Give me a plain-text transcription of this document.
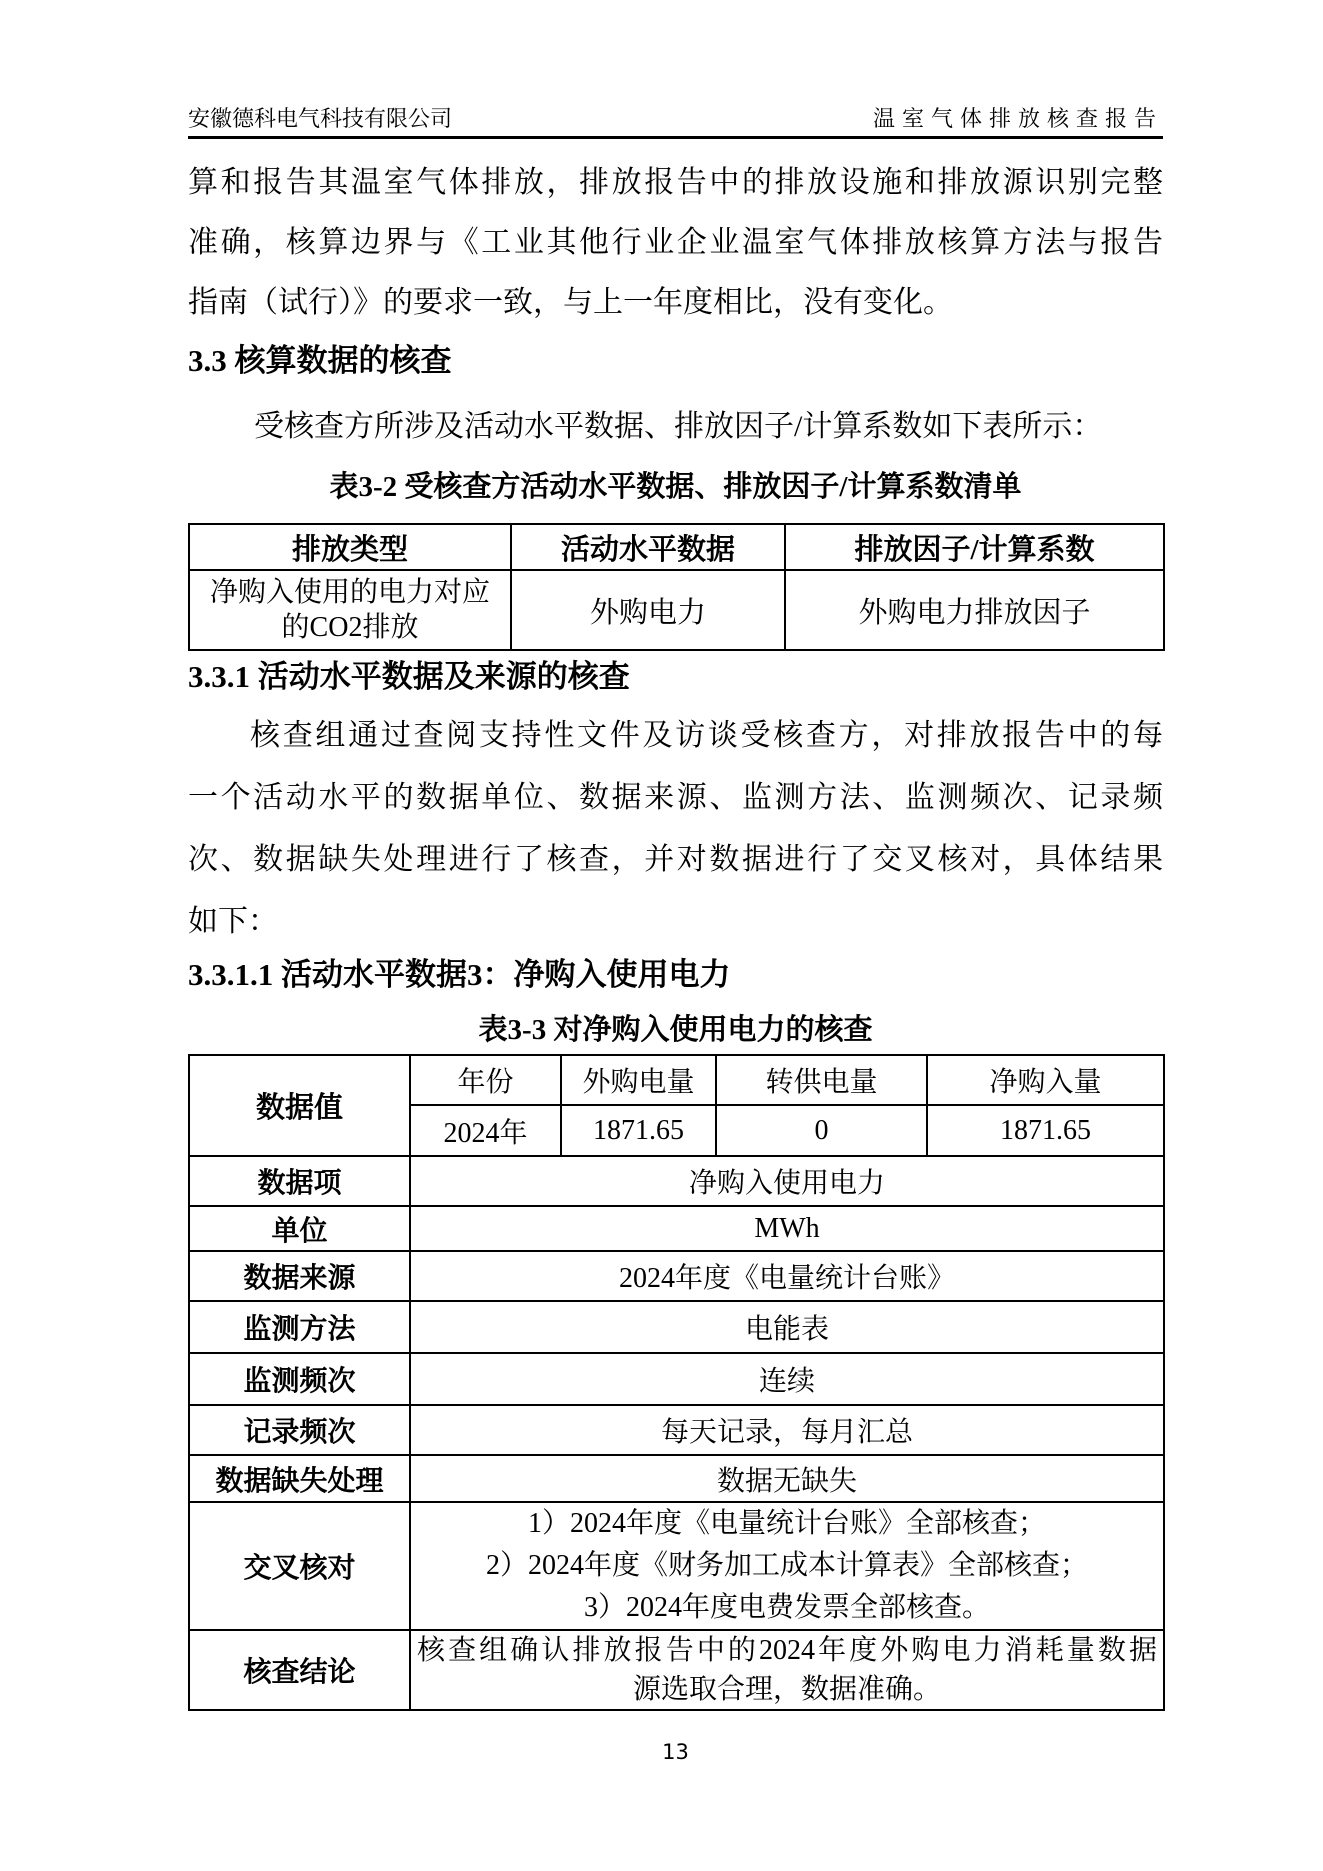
安徽德科电气科技有限公司	温室气体排放核查报告
算和报告其温室气体排放，排放报告中的排放设施和排放源识别完整
准确，核算边界与《工业其他行业企业温室气体排放核算方法与报告
指南（试行）》的要求一致，与上一年度相比，没有变化。
3.3 核算数据的核查
受核查方所涉及活动水平数据、排放因子/计算系数如下表所示：
表3-2 受核查方活动水平数据、排放因子/计算系数清单
排放类型	活动水平数据	排放因子/计算系数

净购入使用的电力对应
的CO2排放	外购电力	外购电力排放因子
3.3.1 活动水平数据及来源的核查
核查组通过查阅支持性文件及访谈受核查方，对排放报告中的每
一个活动水平的数据单位、数据来源、监测方法、监测频次、记录频
次、数据缺失处理进行了核查，并对数据进行了交叉核对，具体结果
如下：
3.3.1.1 活动水平数据3：净购入使用电力
表3-3 对净购入使用电力的核查
数据值	年份	外购电量	转供电量	净购入量
	2024年	1871.65	0	1871.65
数据项	净购入使用电力			
单位	MWh			
数据来源	2024年度《电量统计台账》			
监测方法	电能表			
监测频次	连续			
记录频次	每天记录，每月汇总			
数据缺失处理	数据无缺失			
交叉核对	1）2024年度《电量统计台账》全部核查；
2）2024年度《财务加工成本计算表》全部核查；
3）2024年度电费发票全部核查。			

核查结论	核查组确认排放报告中的2024年度外购电力消耗量数据
源选取合理，数据准确。			
13
